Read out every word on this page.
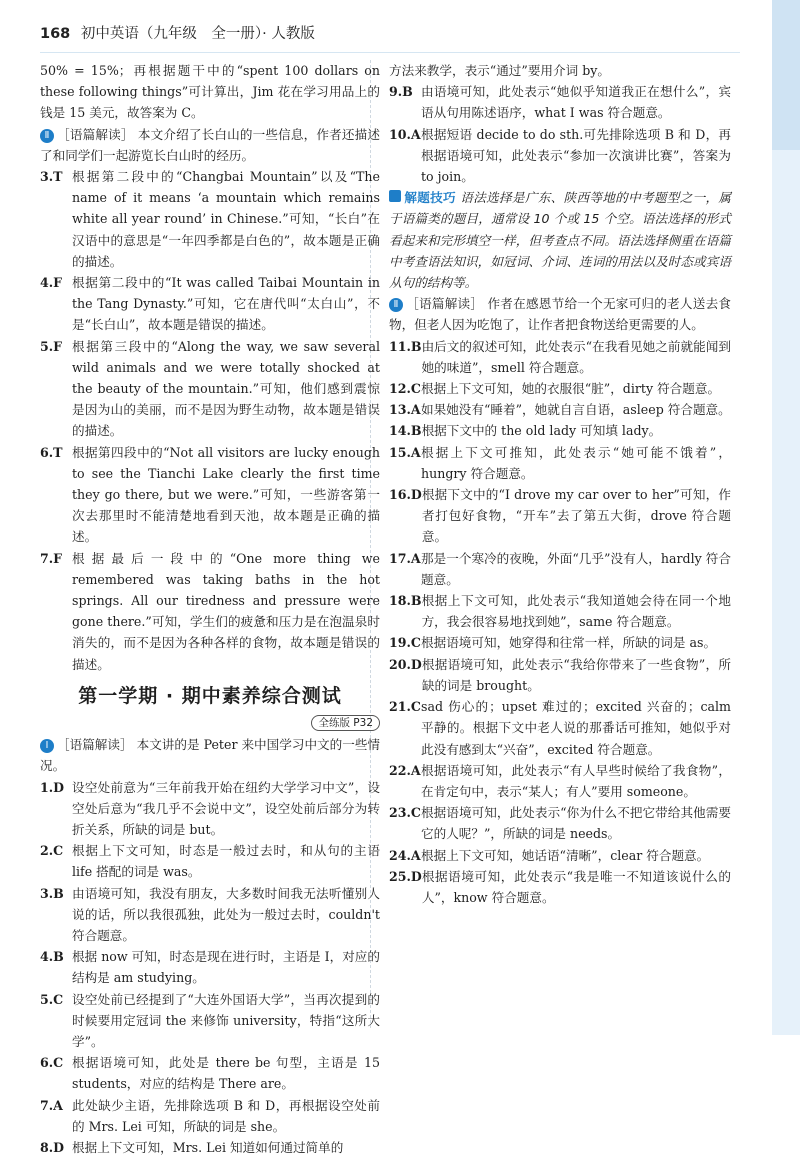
168 初中英语（九年级　全一册）· 人教版

50% = 15%；再根据题干中的“spent 100 dollars on these following things”可计算出，Jim 花在学习用品上的钱是 15 美元，故答案为 C。

Ⅱ ［语篇解读］ 本文介绍了长白山的一些信息，作者还描述了和同学们一起游览长白山时的经历。

3.T 根据第二段中的“Changbai Mountain”以及“The name of it means ‘a mountain which remains white all year round’ in Chinese.”可知，“长白”在汉语中的意思是“一年四季都是白色的”，故本题是正确的描述。
4.F 根据第二段中的“It was called Taibai Mountain in the Tang Dynasty.”可知，它在唐代叫“太白山”，不是“长白山”，故本题是错误的描述。
5.F 根据第三段中的“Along the way, we saw several wild animals and we were totally shocked at the beauty of the mountain.”可知，他们感到震惊是因为山的美丽，而不是因为野生动物，故本题是错误的描述。
6.T 根据第四段中的“Not all visitors are lucky enough to see the Tianchi Lake clearly the first time they go there, but we were.”可知，一些游客第一次去那里时不能清楚地看到天池，故本题是正确的描述。
7.F 根据最后一段中的“One more thing we remembered was taking baths in the hot springs. All our tiredness and pressure were gone there.”可知，学生们的疲惫和压力是在泡温泉时消失的，而不是因为各种各样的食物，故本题是错误的描述。
第一学期 · 期中素养综合测试
全练版 P32

Ⅰ ［语篇解读］ 本文讲的是 Peter 来中国学习中文的一些情况。

1.D 设空处前意为“三年前我开始在纽约大学学习中文”，设空处后意为“我几乎不会说中文”，设空处前后部分为转折关系，所缺的词是 but。
2.C 根据上下文可知，时态是一般过去时，和从句的主语 life 搭配的词是 was。
3.B 由语境可知，我没有朋友，大多数时间我无法听懂别人说的话，所以我很孤独，此处为一般过去时，couldn't 符合题意。
4.B 根据 now 可知，时态是现在进行时，主语是 I，对应的结构是 am studying。
5.C 设空处前已经提到了“大连外国语大学”，当再次提到的时候要用定冠词 the 来修饰 university，特指“这所大学”。
6.C 根据语境可知，此处是 there be 句型，主语是 15 students，对应的结构是 There are。
7.A 此处缺少主语，先排除选项 B 和 D，再根据设空处前的 Mrs. Lei 可知，所缺的词是 she。
8.D 根据上下文可知，Mrs. Lei 知道如何通过简单的

方法来教学，表示“通过”要用介词 by。

9.B 由语境可知，此处表示“她似乎知道我正在想什么”，宾语从句用陈述语序，what I was 符合题意。
10.A 根据短语 decide to do sth.可先排除选项 B 和 D，再根据语境可知，此处表示“参加一次演讲比赛”，答案为 to join。

解题技巧 语法选择是广东、陕西等地的中考题型之一，属于语篇类的题目，通常设 10 个或 15 个空。语法选择的形式看起来和完形填空一样，但考查点不同。语法选择侧重在语篇中考查语法知识，如冠词、介词、连词的用法以及时态或宾语从句的结构等。

Ⅱ ［语篇解读］ 作者在感恩节给一个无家可归的老人送去食物，但老人因为吃饱了，让作者把食物送给更需要的人。

11.B 由后文的叙述可知，此处表示“在我看见她之前就能闻到她的味道”，smell 符合题意。
12.C 根据上下文可知，她的衣服很“脏”，dirty 符合题意。
13.A 如果她没有“睡着”，她就自言自语，asleep 符合题意。
14.B 根据下文中的 the old lady 可知填 lady。
15.A 根据上下文可推知，此处表示“她可能不饿着”，hungry 符合题意。
16.D 根据下文中的“I drove my car over to her”可知，作者打包好食物，“开车”去了第五大街，drove 符合题意。
17.A 那是一个寒冷的夜晚，外面“几乎”没有人，hardly 符合题意。
18.B 根据上下文可知，此处表示“我知道她会待在同一个地方，我会很容易地找到她”，same 符合题意。
19.C 根据语境可知，她穿得和往常一样，所缺的词是 as。
20.D 根据语境可知，此处表示“我给你带来了一些食物”，所缺的词是 brought。
21.C sad 伤心的；upset 难过的；excited 兴奋的；calm 平静的。根据下文中老人说的那番话可推知，她似乎对此没有感到太“兴奋”，excited 符合题意。
22.A 根据语境可知，此处表示“有人早些时候给了我食物”，在肯定句中，表示“某人；有人”要用 someone。
23.C 根据语境可知，此处表示“你为什么不把它带给其他需要它的人呢？”，所缺的词是 needs。
24.A 根据上下文可知，她话语“清晰”，clear 符合题意。
25.D 根据语境可知，此处表示“我是唯一不知道该说什么的人”，know 符合题意。
